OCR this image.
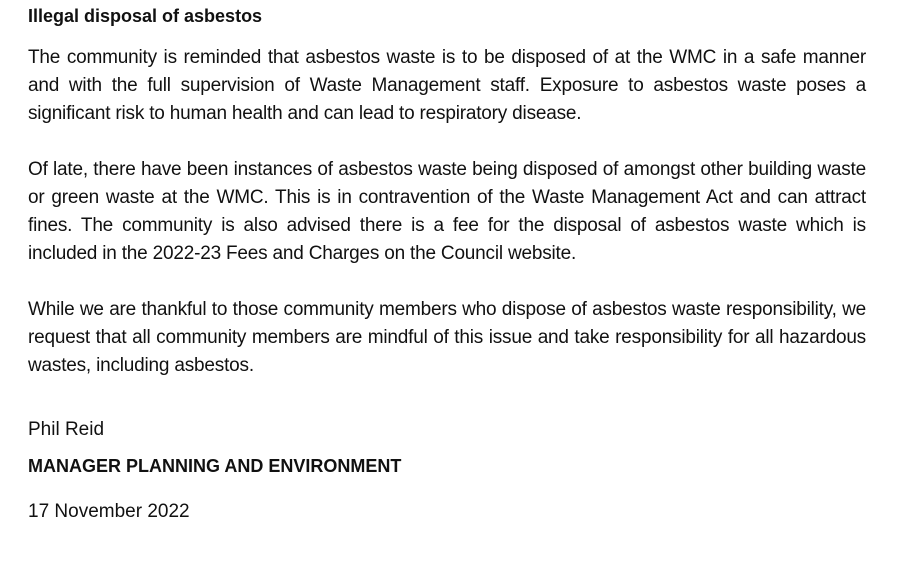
Illegal disposal of asbestos

The community is reminded that asbestos waste is to be disposed of at the WMC in a safe manner and with the full supervision of Waste Management staff. Exposure to asbestos waste poses a significant risk to human health and can lead to respiratory disease.

Of late, there have been instances of asbestos waste being disposed of amongst other building waste or green waste at the WMC. This is in contravention of the Waste Management Act and can attract fines. The community is also advised there is a fee for the disposal of asbestos waste which is included in the 2022-23 Fees and Charges on the Council website.

While we are thankful to those community members who dispose of asbestos waste responsibility, we request that all community members are mindful of this issue and take responsibility for all hazardous wastes, including asbestos.

Phil Reid
MANAGER PLANNING AND ENVIRONMENT
17 November 2022
